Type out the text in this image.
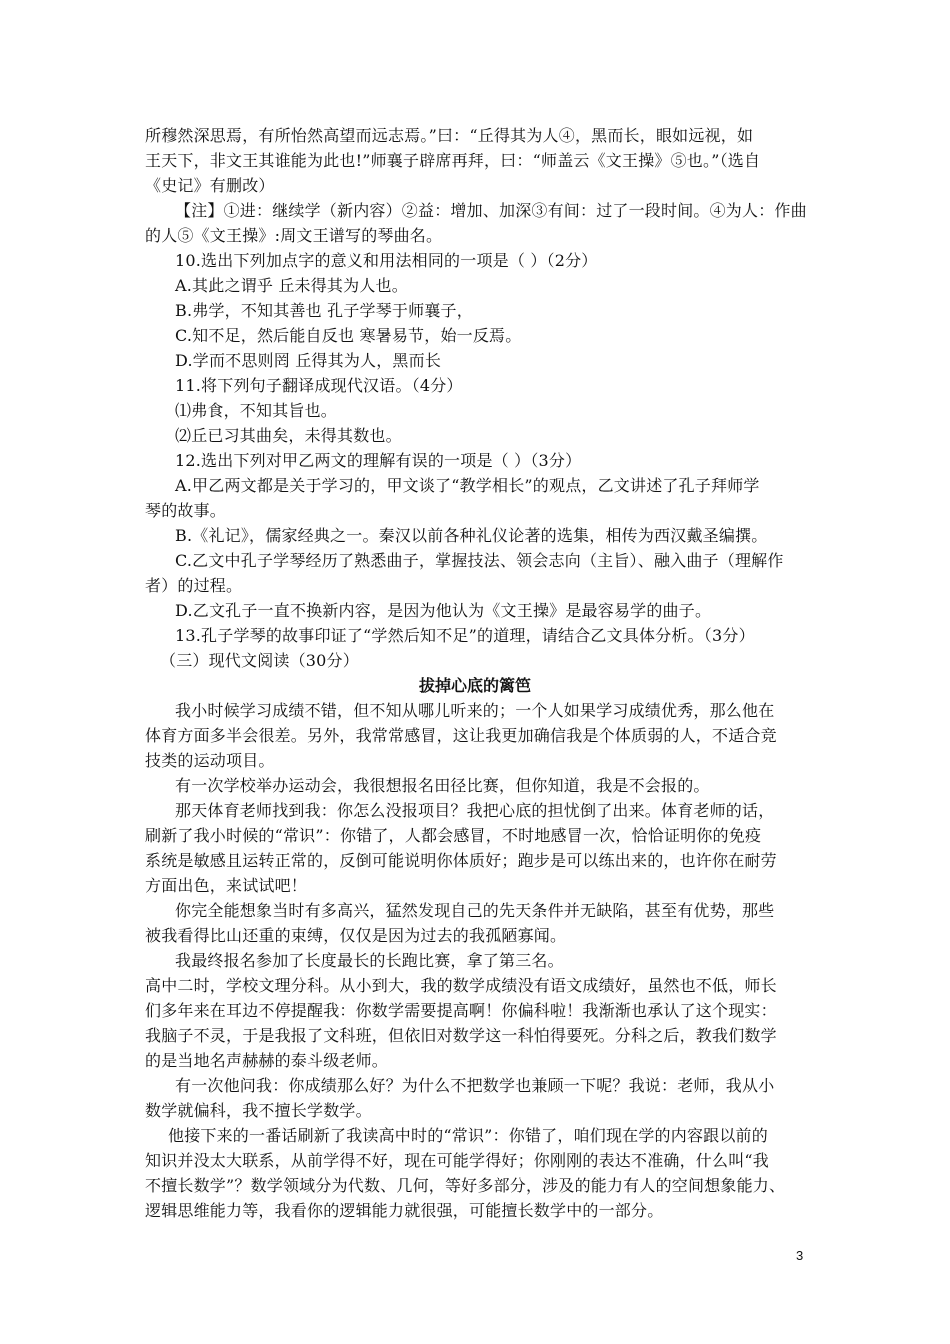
所穆然深思焉，有所怡然高望而远志焉。”曰：“丘得其为人④，黑而长，眼如远视，如
王天下，非文王其谁能为此也!”师襄子辟席再拜，曰：“师盖云《文王操》⑤也。”（选自
《史记》有删改）
【注】①进：继续学（新内容）②益：增加、加深③有间：过了一段时间。④为人：作曲
的人⑤《文王操》:周文王谱写的琴曲名。
10.选出下列加点字的意义和用法相同的一项是（ ）（2分）
A.其此之谓乎 丘未得其为人也。
B.弗学，不知其善也 孔子学琴于师襄子，
C.知不足，然后能自反也 寒暑易节，始一反焉。
D.学而不思则罔 丘得其为人，黑而长
11.将下列句子翻译成现代汉语。（4分）
⑴弗食，不知其旨也。
⑵丘已习其曲矣，未得其数也。
12.选出下列对甲乙两文的理解有误的一项是（ ）（3分）
A.甲乙两文都是关于学习的，甲文谈了“教学相长”的观点，乙文讲述了孔子拜师学
琴的故事。
B.《礼记》，儒家经典之一。秦汉以前各种礼仪论著的选集，相传为西汉戴圣编撰。
C.乙文中孔子学琴经历了熟悉曲子，掌握技法、领会志向（主旨）、融入曲子（理解作
者）的过程。
D.乙文孔子一直不换新内容，是因为他认为《文王操》是最容易学的曲子。
13.孔子学琴的故事印证了“学然后知不足”的道理，请结合乙文具体分析。（3分）
（三）现代文阅读（30分）
拔掉心底的篱笆
我小时候学习成绩不错，但不知从哪儿听来的；一个人如果学习成绩优秀，那么他在
体育方面多半会很差。另外，我常常感冒，这让我更加确信我是个体质弱的人，不适合竞
技类的运动项目。
有一次学校举办运动会，我很想报名田径比赛，但你知道，我是不会报的。
那天体育老师找到我：你怎么没报项目？我把心底的担忧倒了出来。体育老师的话，
刷新了我小时候的“常识”：你错了，人都会感冒，不时地感冒一次，恰恰证明你的免疫
系统是敏感且运转正常的，反倒可能说明你体质好；跑步是可以练出来的，也许你在耐劳
方面出色，来试试吧！
你完全能想象当时有多高兴，猛然发现自己的先天条件并无缺陷，甚至有优势，那些
被我看得比山还重的束缚，仅仅是因为过去的我孤陋寡闻。
我最终报名参加了长度最长的长跑比赛，拿了第三名。
高中二时，学校文理分科。从小到大，我的数学成绩没有语文成绩好，虽然也不低，师长
们多年来在耳边不停提醒我：你数学需要提高啊！你偏科啦！我渐渐也承认了这个现实：
我脑子不灵，于是我报了文科班，但依旧对数学这一科怕得要死。分科之后，教我们数学
的是当地名声赫赫的泰斗级老师。
有一次他问我：你成绩那么好？为什么不把数学也兼顾一下呢？我说：老师，我从小
数学就偏科，我不擅长学数学。
他接下来的一番话刷新了我读高中时的“常识”：你错了，咱们现在学的内容跟以前的
知识并没太大联系，从前学得不好，现在可能学得好；你刚刚的表达不准确，什么叫“我
不擅长数学”？数学领域分为代数、几何，等好多部分，涉及的能力有人的空间想象能力、
逻辑思维能力等，我看你的逻辑能力就很强，可能擅长数学中的一部分。
3
